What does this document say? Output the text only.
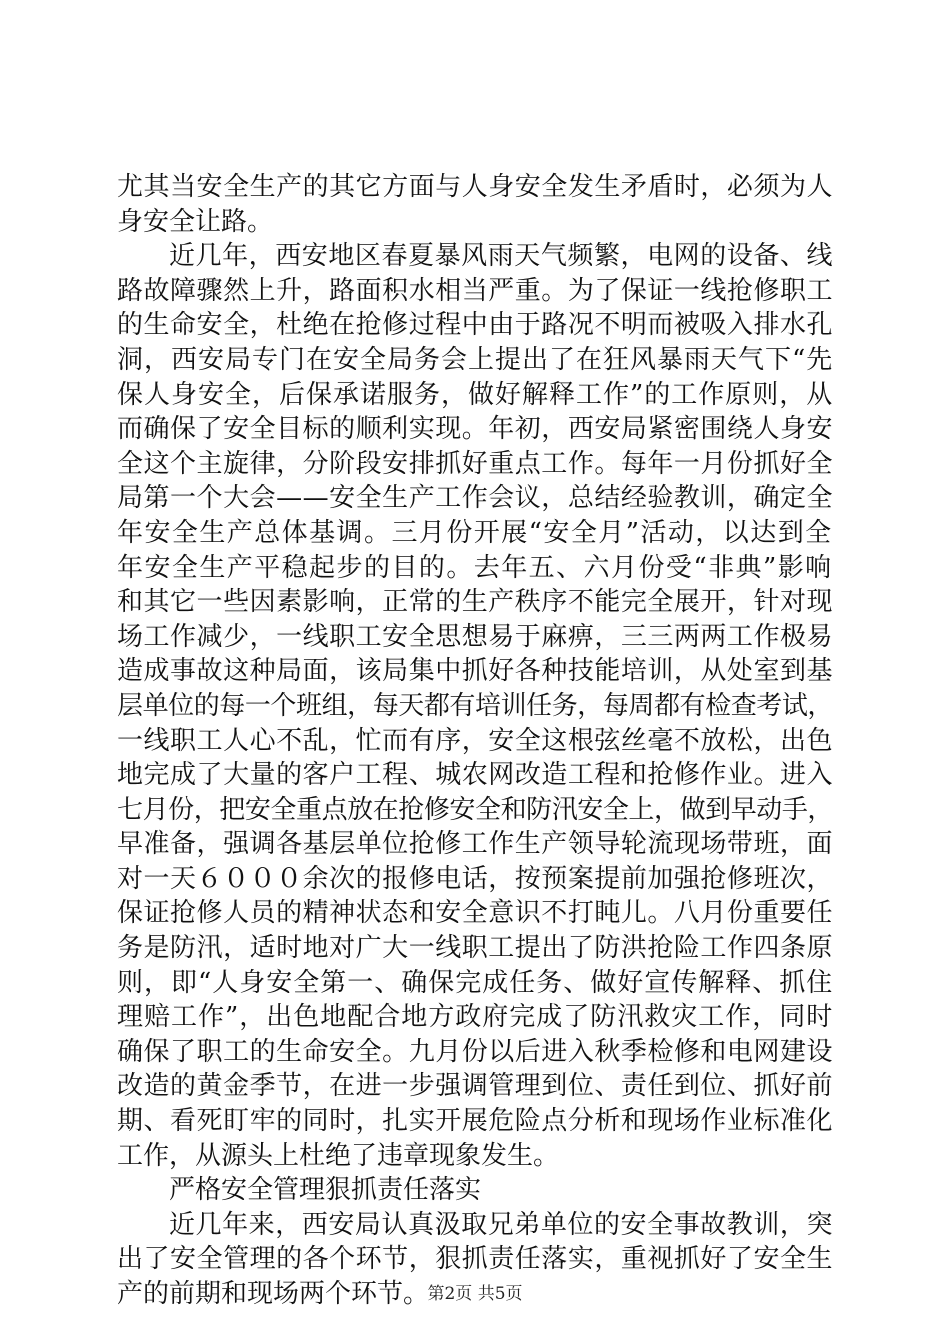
尤其当安全生产的其它方面与人身安全发生矛盾时，必须为人
身安全让路。
近几年，西安地区春夏暴风雨天气频繁，电网的设备、线
路故障骤然上升，路面积水相当严重。为了保证一线抢修职工
的生命安全，杜绝在抢修过程中由于路况不明而被吸入排水孔
洞，西安局专门在安全局务会上提出了在狂风暴雨天气下“先
保人身安全，后保承诺服务，做好解释工作”的工作原则，从
而确保了安全目标的顺利实现。年初，西安局紧密围绕人身安
全这个主旋律，分阶段安排抓好重点工作。每年一月份抓好全
局第一个大会——安全生产工作会议，总结经验教训，确定全
年安全生产总体基调。三月份开展“安全月”活动，以达到全
年安全生产平稳起步的目的。去年五、六月份受“非典”影响
和其它一些因素影响，正常的生产秩序不能完全展开，针对现
场工作减少，一线职工安全思想易于麻痹，三三两两工作极易
造成事故这种局面，该局集中抓好各种技能培训，从处室到基
层单位的每一个班组，每天都有培训任务，每周都有检查考试，
一线职工人心不乱，忙而有序，安全这根弦丝毫不放松，出色
地完成了大量的客户工程、城农网改造工程和抢修作业。进入
七月份，把安全重点放在抢修安全和防汛安全上，做到早动手，
早准备，强调各基层单位抢修工作生产领导轮流现场带班，面
对一天６０００余次的报修电话，按预案提前加强抢修班次，
保证抢修人员的精神状态和安全意识不打盹儿。八月份重要任
务是防汛，适时地对广大一线职工提出了防洪抢险工作四条原
则，即“人身安全第一、确保完成任务、做好宣传解释、抓住
理赔工作”，出色地配合地方政府完成了防汛救灾工作，同时
确保了职工的生命安全。九月份以后进入秋季检修和电网建设
改造的黄金季节，在进一步强调管理到位、责任到位、抓好前
期、看死盯牢的同时，扎实开展危险点分析和现场作业标准化
工作，从源头上杜绝了违章现象发生。
严格安全管理狠抓责任落实
近几年来，西安局认真汲取兄弟单位的安全事故教训，突
出了安全管理的各个环节，狠抓责任落实，重视抓好了安全生
产的前期和现场两个环节。
第2页 共5页
